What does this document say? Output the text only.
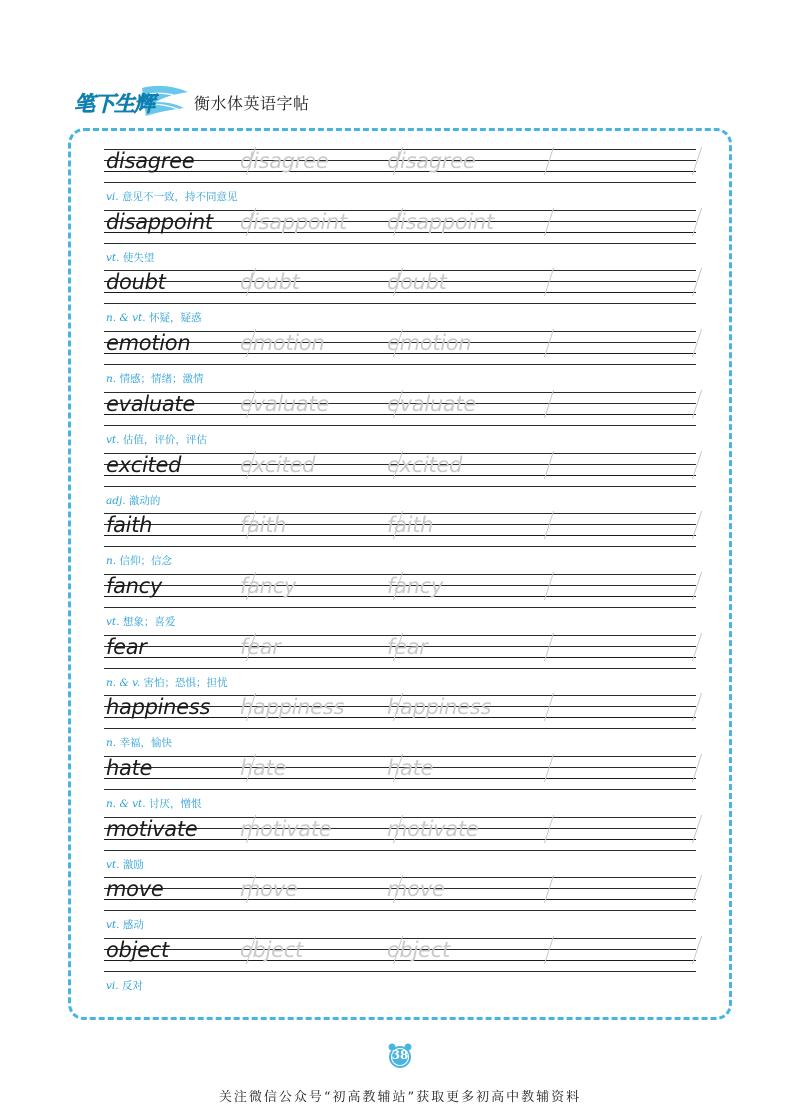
笔下生辉	衡水体英语字帖
disagree disagree	disagree
vi. 意见不一致，持不同意见
disappoint disappoint disappoint
vt. 使失望
doubt	doubt	doubt
n. & vt. 怀疑，疑惑
emotion emotion	emotion
n. 情感；情绪；激情
evaluate evaluate	evaluate
vt. 估值，评价，评估
excited	excited	excited
adj. 激动的
faith	faith	faith
n. 信仰；信念
fancy	fancy	fancy
vt. 想象；喜爱
fear	fear	fear
n. & v. 害怕；恐惧；担忧
happiness happiness happiness
n. 幸福，愉快
hate	hate	hate
n. & vt. 讨厌，憎恨
motivate motivate	motivate
vt. 激励
move	move	move
vt. 感动
object	object	object
vi. 反对
38
关注微信公众号“初高教辅站”获取更多初高中教辅资料
